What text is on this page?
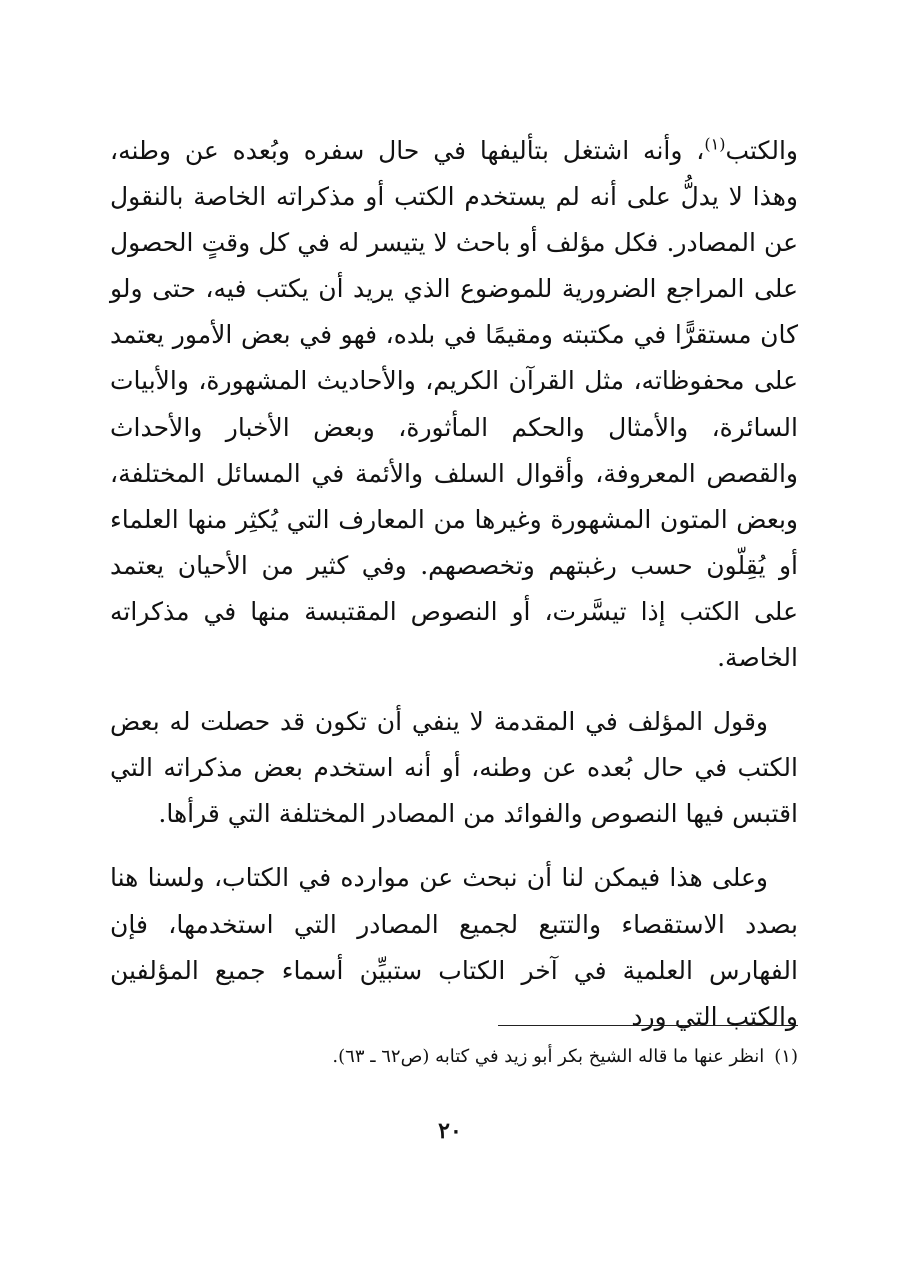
والكتب$^{(١)}$، وأنه اشتغل بتأليفها في حال سفره وبُعده عن وطنه، وهذا لا يدلُّ على أنه لم يستخدم الكتب أو مذكراته الخاصة بالنقول عن المصادر. فكل مؤلف أو باحث لا يتيسر له في كل وقتٍ الحصول على المراجع الضرورية للموضوع الذي يريد أن يكتب فيه، حتى ولو كان مستقرًّا في مكتبته ومقيمًا في بلده، فهو في بعض الأمور يعتمد على محفوظاته، مثل القرآن الكريم، والأحاديث المشهورة، والأبيات السائرة، والأمثال والحكم المأثورة، وبعض الأخبار والأحداث والقصص المعروفة، وأقوال السلف والأئمة في المسائل المختلفة، وبعض المتون المشهورة وغيرها من المعارف التي يُكثِر منها العلماء أو يُقِلّون حسب رغبتهم وتخصصهم. وفي كثير من الأحيان يعتمد على الكتب إذا تيسَّرت، أو النصوص المقتبسة منها في مذكراته الخاصة.

وقول المؤلف في المقدمة لا ينفي أن تكون قد حصلت له بعض الكتب في حال بُعده عن وطنه، أو أنه استخدم بعض مذكراته التي اقتبس فيها النصوص والفوائد من المصادر المختلفة التي قرأها.

وعلى هذا فيمكن لنا أن نبحث عن موارده في الكتاب، ولسنا هنا بصدد الاستقصاء والتتبع لجميع المصادر التي استخدمها، فإن الفهارس العلمية في آخر الكتاب ستبيِّن أسماء جميع المؤلفين والكتب التي ورد

(١)انظر عنها ما قاله الشيخ بكر أبو زيد في كتابه (ص٦٢ ـ ٦٣).
٢٠
